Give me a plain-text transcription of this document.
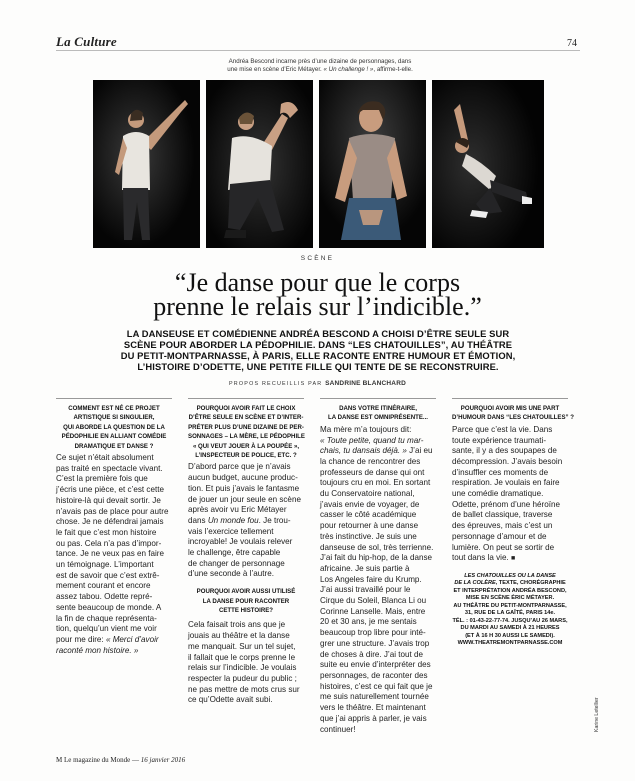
La Culture	74
Andréa Bescond incarne près d’une dizaine de personnages, dans
une mise en scène d’Eric Métayer. « Un challenge ! », affirme-t-elle.
SCÈNE
“Je danse pour que le corps
prenne le relais sur l’indicible.”
LA DANSEUSE ET COMÉDIENNE ANDRÉA BESCOND A CHOISI D’ÊTRE SEULE SUR
SCÈNE POUR ABORDER LA PÉDOPHILIE. DANS “LES CHATOUILLES”, AU THÉÂTRE
DU PETIT-MONTPARNASSE, À PARIS, ELLE RACONTE ENTRE HUMOUR ET ÉMOTION,
L’HISTOIRE D’ODETTE, UNE PETITE FILLE QUI TENTE DE SE RECONSTRUIRE.
PROPOS RECUEILLIS PAR SANDRINE BLANCHARD
COMMENT EST NÉ CE PROJET
ARTISTIQUE SI SINGULIER,
QUI ABORDE LA QUESTION DE LA
PÉDOPHILIE EN ALLIANT COMÉDIE
DRAMATIQUE ET DANSE ?
Ce sujet n’était absolument
pas traité en spectacle vivant.
C’est la première fois que
j’écris une pièce, et c’est cette
histoire-là qui devait sortir. Je
n’avais pas de place pour autre
chose. Je ne défendrai jamais
le fait que c’est mon histoire
ou pas. Cela n’a pas d’impor-
tance. Je ne veux pas en faire
un témoignage. L’important
est de savoir que c’est extrê-
mement courant et encore
assez tabou. Odette repré-
sente beaucoup de monde. A
la fin de chaque représenta-
tion, quelqu’un vient me voir
pour me dire: « Merci d’avoir
raconté mon histoire. »
POURQUOI AVOIR FAIT LE CHOIX
D’ÊTRE SEULE EN SCÈNE ET D’INTER-
PRÉTER PLUS D’UNE DIZAINE DE PER-
SONNAGES – LA MÈRE, LE PÉDOPHILE
« QUI VEUT JOUER À LA POUPÉE »,
L’INSPECTEUR DE POLICE, ETC. ?
D’abord parce que je n’avais
aucun budget, aucune produc-
tion. Et puis j’avais le fantasme
de jouer un jour seule en scène
après avoir vu Eric Métayer
dans Un monde fou. Je trou-
vais l’exercice tellement
incroyable! Je voulais relever
le challenge, être capable
de changer de personnage
d’une seconde à l’autre.
POURQUOI AVOIR AUSSI UTILISÉ
LA DANSE POUR RACONTER
CETTE HISTOIRE?
Cela faisait trois ans que je
jouais au théâtre et la danse
me manquait. Sur un tel sujet,
il fallait que le corps prenne le
relais sur l’indicible. Je voulais
respecter la pudeur du public ;
ne pas mettre de mots crus sur
ce qu’Odette avait subi.
DANS VOTRE ITINÉRAIRE,
LA DANSE EST OMNIPRÉSENTE...
Ma mère m’a toujours dit:
« Toute petite, quand tu mar-
chais, tu dansais déjà. » J’ai eu
la chance de rencontrer des
professeurs de danse qui ont
toujours cru en moi. En sortant
du Conservatoire national,
j’avais envie de voyager, de
casser le côté académique
pour retourner à une danse
très instinctive. Je suis une
danseuse de sol, très terrienne.
J’ai fait du hip-hop, de la danse
africaine. Je suis partie à
Los Angeles faire du Krump.
J’ai aussi travaillé pour le
Cirque du Soleil, Blanca Li ou
Corinne Lanselle. Mais, entre
20 et 30 ans, je me sentais
beaucoup trop libre pour inté-
grer une structure. J’avais trop
de choses à dire. J’ai tout de
suite eu envie d’interpréter des
personnages, de raconter des
histoires, c’est ce qui fait que je
me suis naturellement tournée
vers le théâtre. Et maintenant
que j’ai appris à parler, je vais
continuer!
POURQUOI AVOIR MIS UNE PART
D’HUMOUR DANS “LES CHATOUILLES” ?
Parce que c’est la vie. Dans
toute expérience traumati-
sante, il y a des soupapes de
décompression. J’avais besoin
d’insuffler ces moments de
respiration. Je voulais en faire
une comédie dramatique.
Odette, prénom d’une héroïne
de ballet classique, traverse
des épreuves, mais c’est un
personnage d’amour et de
lumière. On peut se sortir de
tout dans la vie. ■
LES CHATOUILLES OU LA DANSE
DE LA COLÈRE, TEXTE, CHORÉGRAPHIE
ET INTERPRÉTATION ANDRÉA BESCOND,
MISE EN SCÈNE ÉRIC MÉTAYER.
AU THÉÂTRE DU PETIT-MONTPARNASSE,
31, RUE DE LA GAÎTÉ, PARIS 14e.
TÉL. : 01-43-22-77-74. JUSQU’AU 26 MARS,
DU MARDI AU SAMEDI À 21 HEURES
(ET À 16 H 30 AUSSI LE SAMEDI).
WWW.THEATREMONTPARNASSE.COM
Karine Letellier
M Le magazine du Monde — 16 janvier 2016
